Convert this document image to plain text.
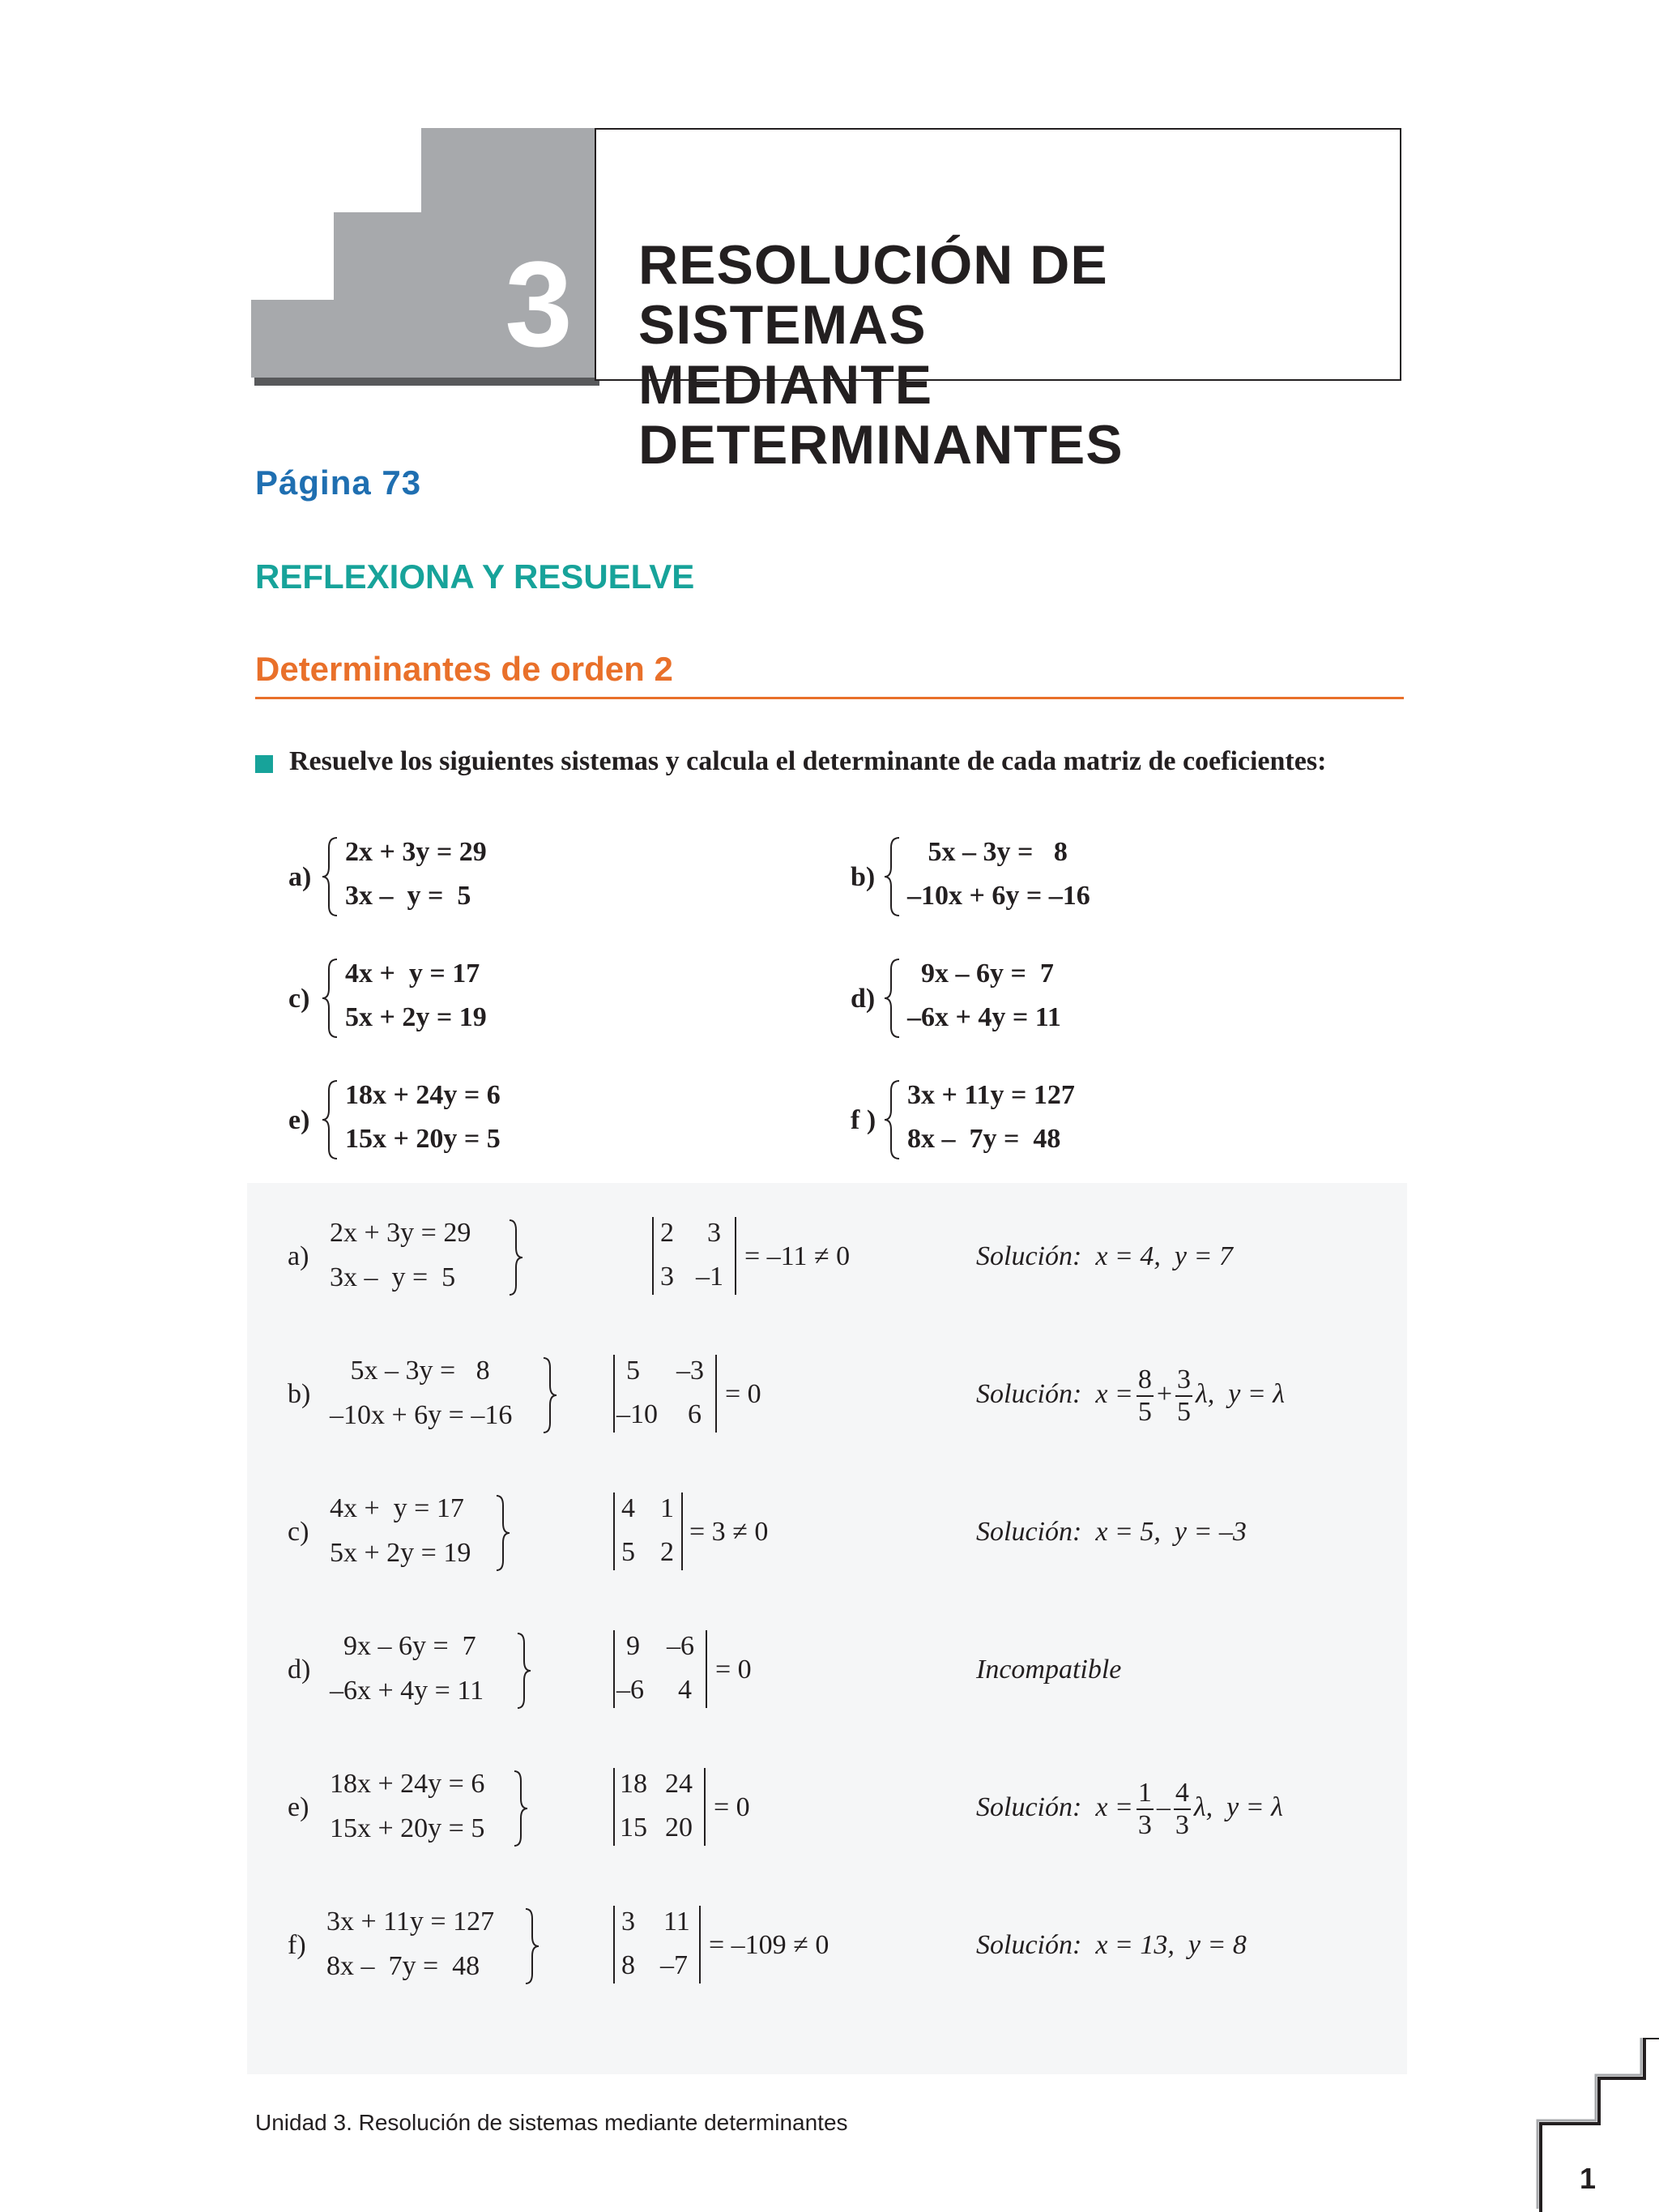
3	RESOLUCIÓN DE SISTEMAS
MEDIANTE DETERMINANTES
Página 73
REFLEXIONA Y RESUELVE
Determinantes de orden 2
Resuelve los siguientes sistemas y calcula el determinante de cada matriz de coeficientes:
a)
2x + 3y = 29
3x –  y =  5
b)
5x – 3y =   8
–10x + 6y = –16
c)
4x +  y = 17
5x + 2y = 19
d)
9x – 6y =  7
–6x + 4y = 11
e)
18x + 24y = 6
15x + 20y = 5
f )
3x + 11y = 127
8x –  7y =  48
a)
2x + 3y = 29
3x –  y =  5
2 3
3 –1
= –11 ≠ 0	Solución: x = 4,  y = 7
b)
5x – 3y =   8
–10x + 6y = –16
5 –3
–10 6
= 0	Solución: $x = \frac{8}{5} + \frac{3}{5} \lambda$,  y = λ
c)
4x +  y = 17
5x + 2y = 19
4 1
5 2
= 3 ≠ 0	Solución: x = 5,  y = –3
d)
9x – 6y =  7
–6x + 4y = 11
9 –6
–6 4
= 0	Incompatible
e)
18x + 24y = 6
15x + 20y = 5
18 24
15 20
= 0	Solución: $x = \frac{1}{3} - \frac{4}{3} \lambda$,  y = λ
f)
3x + 11y = 127
8x –  7y =  48
3 11
8 –7
= –109 ≠ 0	Solución: x = 13,  y = 8
Unidad 3. Resolución de sistemas mediante determinantes
1
